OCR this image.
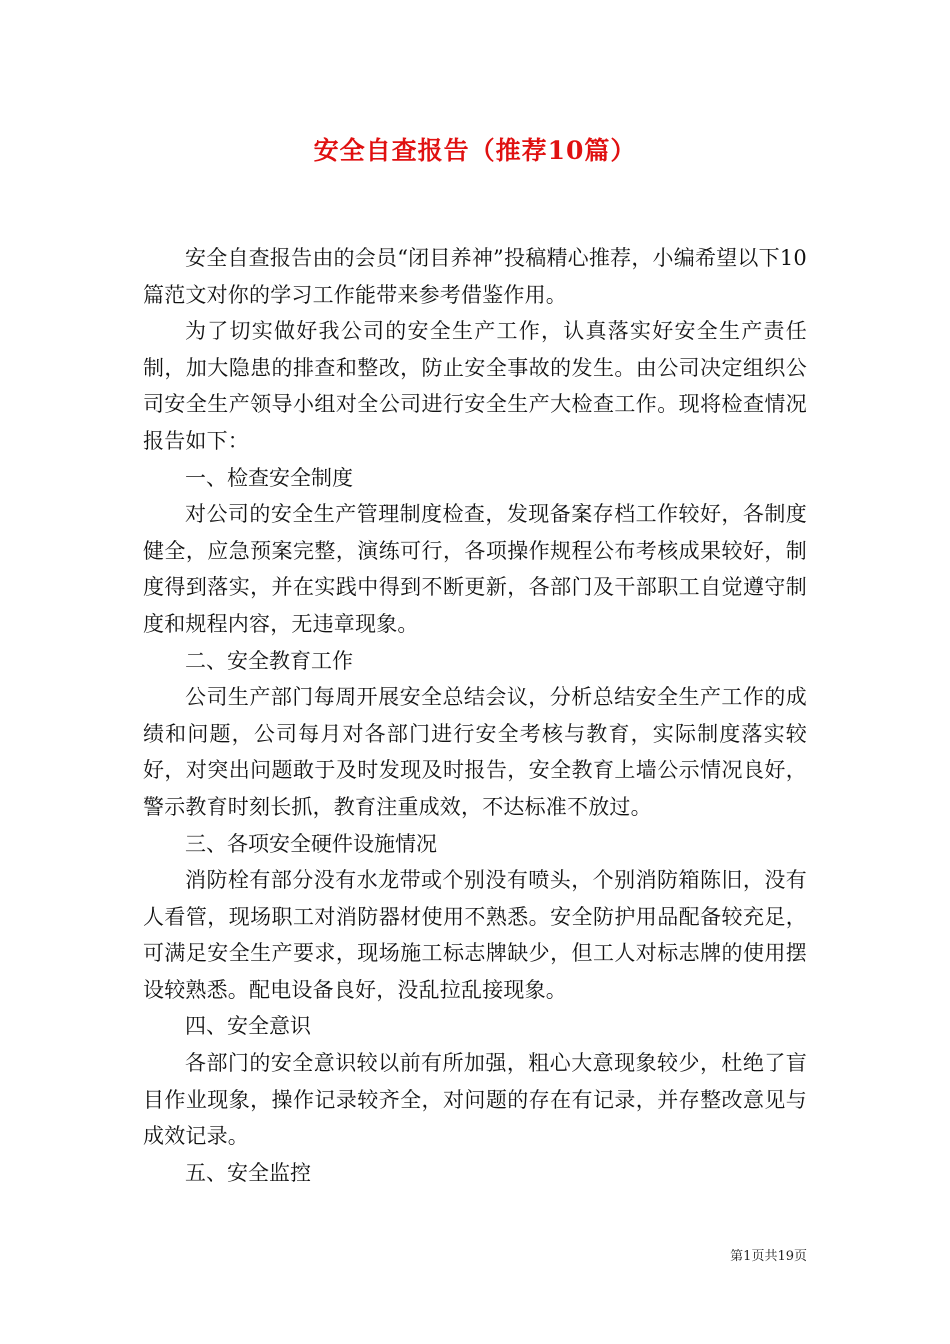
安全自查报告（推荐10篇）

安全自查报告由的会员“闭目养神”投稿精心推荐，小编希望以下10篇范文对你的学习工作能带来参考借鉴作用。

为了切实做好我公司的安全生产工作，认真落实好安全生产责任制，加大隐患的排查和整改，防止安全事故的发生。由公司决定组织公司安全生产领导小组对全公司进行安全生产大检查工作。现将检查情况报告如下：

一、检查安全制度

对公司的安全生产管理制度检查，发现备案存档工作较好，各制度健全，应急预案完整，演练可行，各项操作规程公布考核成果较好，制度得到落实，并在实践中得到不断更新，各部门及干部职工自觉遵守制度和规程内容，无违章现象。

二、安全教育工作

公司生产部门每周开展安全总结会议，分析总结安全生产工作的成绩和问题，公司每月对各部门进行安全考核与教育，实际制度落实较好，对突出问题敢于及时发现及时报告，安全教育上墙公示情况良好，警示教育时刻长抓，教育注重成效，不达标准不放过。

三、各项安全硬件设施情况

消防栓有部分没有水龙带或个别没有喷头，个别消防箱陈旧，没有人看管，现场职工对消防器材使用不熟悉。安全防护用品配备较充足，可满足安全生产要求，现场施工标志牌缺少，但工人对标志牌的使用摆设较熟悉。配电设备良好，没乱拉乱接现象。

四、安全意识

各部门的安全意识较以前有所加强，粗心大意现象较少，杜绝了盲目作业现象，操作记录较齐全，对问题的存在有记录，并存整改意见与成效记录。

五、安全监控

第1页共19页
